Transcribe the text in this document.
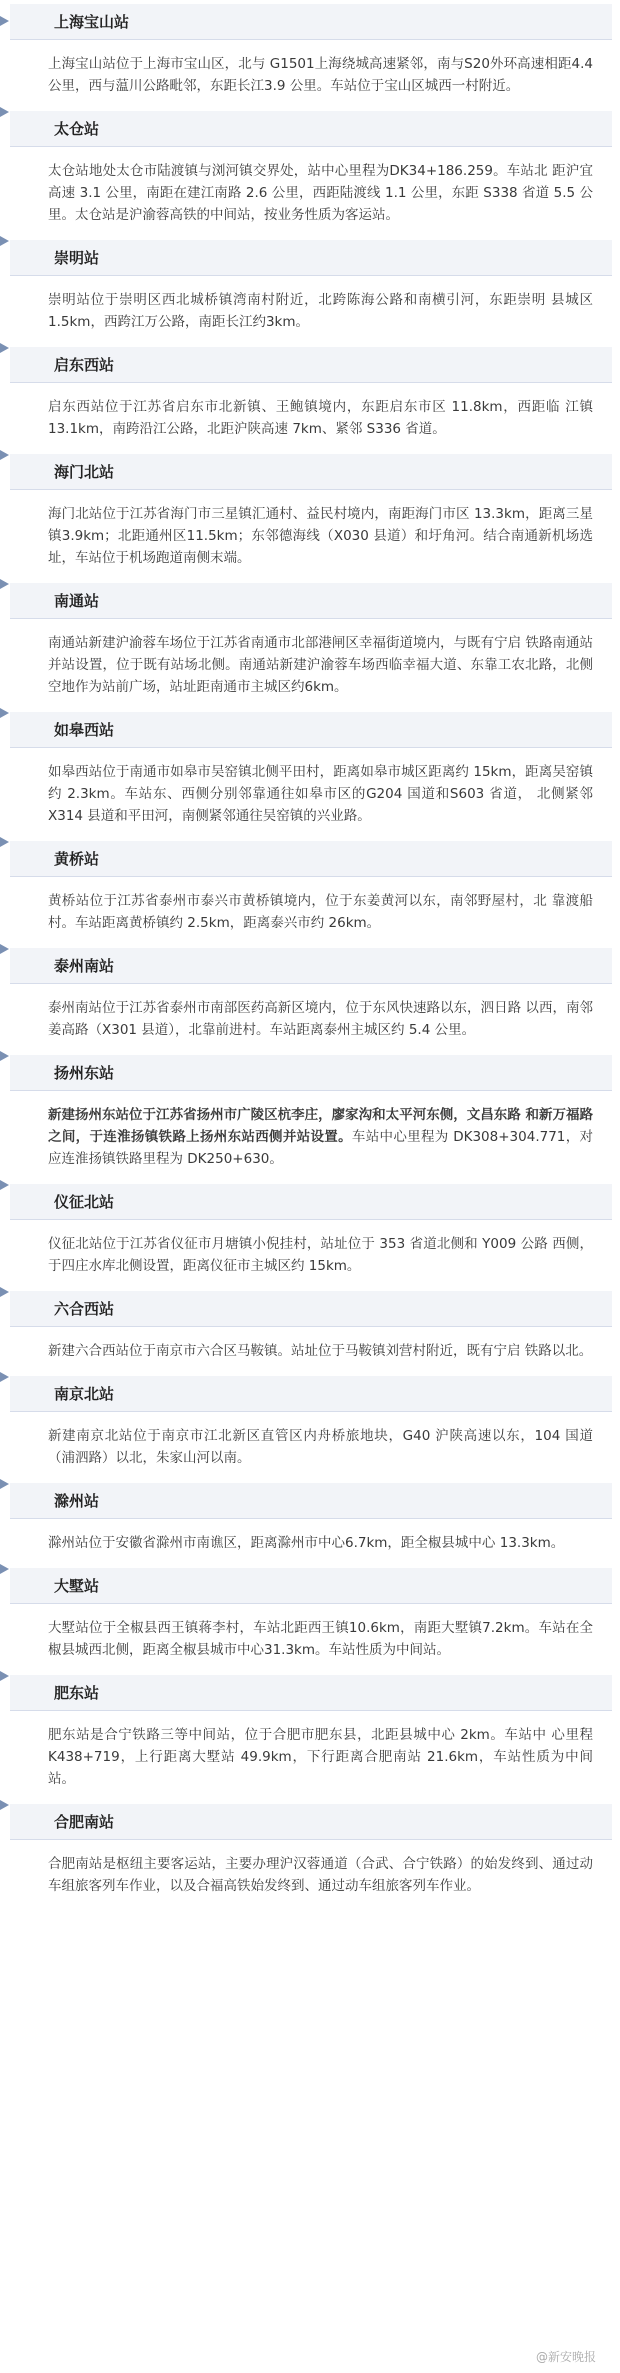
上海宝山站
上海宝山站位于上海市宝山区，北与 G1501上海绕城高速紧邻，南与S20外环高速相距4.4公里，西与蕰川公路毗邻，东距长江3.9 公里。车站位于宝山区城西一村附近。
太仓站
太仓站地处太仓市陆渡镇与浏河镇交界处，站中心里程为DK34+186.259。车站北 距沪宜高速 3.1 公里，南距在建江南路 2.6 公里，西距陆渡线 1.1 公里，东距 S338 省道 5.5 公里。太仓站是沪渝蓉高铁的中间站，按业务性质为客运站。
崇明站
崇明站位于崇明区西北城桥镇湾南村附近，北跨陈海公路和南横引河，东距崇明 县城区 1.5km，西跨江万公路，南距长江约3km。
启东西站
启东西站位于江苏省启东市北新镇、王鲍镇境内，东距启东市区 11.8km，西距临 江镇 13.1km，南跨沿江公路，北距沪陕高速 7km、紧邻 S336 省道。
海门北站
海门北站位于江苏省海门市三星镇汇通村、益民村境内，南距海门市区 13.3km，距离三星镇3.9km；北距通州区11.5km；东邻德海线（X030 县道）和圩角河。结合南通新机场选址，车站位于机场跑道南侧末端。
南通站
南通站新建沪渝蓉车场位于江苏省南通市北部港闸区幸福街道境内，与既有宁启 铁路南通站并站设置，位于既有站场北侧。南通站新建沪渝蓉车场西临幸福大道、东靠工农北路，北侧空地作为站前广场，站址距南通市主城区约6km。
如皋西站
如皋西站位于南通市如皋市吴窑镇北侧平田村，距离如皋市城区距离约 15km，距离吴窑镇约 2.3km。车站东、西侧分别邻靠通往如皋市区的G204 国道和S603 省道， 北侧紧邻 X314 县道和平田河，南侧紧邻通往吴窑镇的兴业路。
黄桥站
黄桥站位于江苏省泰州市泰兴市黄桥镇境内，位于东姜黄河以东，南邻野屋村，北 靠渡船村。车站距离黄桥镇约 2.5km，距离泰兴市约 26km。
泰州南站
泰州南站位于江苏省泰州市南部医药高新区境内，位于东风快速路以东，泗日路 以西，南邻姜高路（X301 县道），北靠前进村。车站距离泰州主城区约 5.4 公里。
扬州东站
新建扬州东站位于江苏省扬州市广陵区杭李庄，廖家沟和太平河东侧，文昌东路 和新万福路之间，于连淮扬镇铁路上扬州东站西侧并站设置。车站中心里程为 DK308+304.771，对应连淮扬镇铁路里程为 DK250+630。
仪征北站
仪征北站位于江苏省仪征市月塘镇小倪挂村，站址位于 353 省道北侧和 Y009 公路 西侧，于四庄水库北侧设置，距离仪征市主城区约 15km。
六合西站
新建六合西站位于南京市六合区马鞍镇。站址位于马鞍镇刘营村附近，既有宁启 铁路以北。
南京北站
新建南京北站位于南京市江北新区直管区内舟桥旅地块，G40 沪陕高速以东，104 国道（浦泗路）以北，朱家山河以南。
滁州站
滁州站位于安徽省滁州市南谯区，距离滁州市中心6.7km，距全椒县城中心 13.3km。
大墅站
大墅站位于全椒县西王镇蒋李村，车站北距西王镇10.6km，南距大墅镇7.2km。车站在全椒县城西北侧，距离全椒县城市中心31.3km。车站性质为中间站。
肥东站
肥东站是合宁铁路三等中间站，位于合肥市肥东县，北距县城中心 2km。车站中 心里程 K438+719，上行距离大墅站 49.9km，下行距离合肥南站 21.6km，车站性质为中间站。
合肥南站
合肥南站是枢纽主要客运站，主要办理沪汉蓉通道（合武、合宁铁路）的始发终到、通过动车组旅客列车作业，以及合福高铁始发终到、通过动车组旅客列车作业。
@新安晚报
